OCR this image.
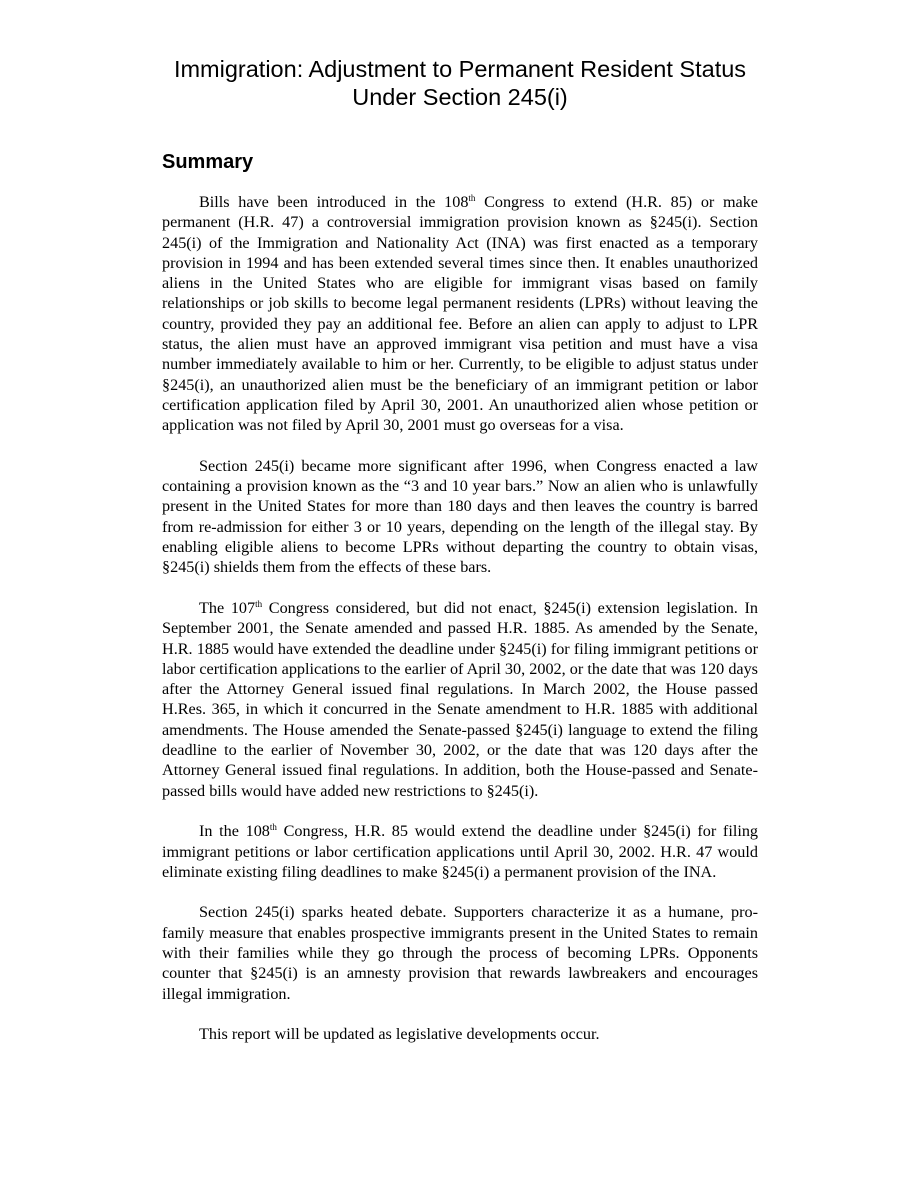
Immigration: Adjustment to Permanent Resident Status
Under Section 245(i)
Summary

Bills have been introduced in the 108th Congress to extend (H.R. 85) or make permanent (H.R. 47) a controversial immigration provision known as §245(i). Section 245(i) of the Immigration and Nationality Act (INA) was first enacted as a temporary provision in 1994 and has been extended several times since then. It enables unauthorized aliens in the United States who are eligible for immigrant visas based on family relationships or job skills to become legal permanent residents (LPRs) without leaving the country, provided they pay an additional fee. Before an alien can apply to adjust to LPR status, the alien must have an approved immigrant visa petition and must have a visa number immediately available to him or her. Currently, to be eligible to adjust status under §245(i), an unauthorized alien must be the beneficiary of an immigrant petition or labor certification application filed by April 30, 2001. An unauthorized alien whose petition or application was not filed by April 30, 2001 must go overseas for a visa.

Section 245(i) became more significant after 1996, when Congress enacted a law containing a provision known as the “3 and 10 year bars.” Now an alien who is unlawfully present in the United States for more than 180 days and then leaves the country is barred from re-admission for either 3 or 10 years, depending on the length of the illegal stay. By enabling eligible aliens to become LPRs without departing the country to obtain visas, §245(i) shields them from the effects of these bars.

The 107th Congress considered, but did not enact, §245(i) extension legislation. In September 2001, the Senate amended and passed H.R. 1885. As amended by the Senate, H.R. 1885 would have extended the deadline under §245(i) for filing immigrant petitions or labor certification applications to the earlier of April 30, 2002, or the date that was 120 days after the Attorney General issued final regulations. In March 2002, the House passed H.Res. 365, in which it concurred in the Senate amendment to H.R. 1885 with additional amendments. The House amended the Senate-passed §245(i) language to extend the filing deadline to the earlier of November 30, 2002, or the date that was 120 days after the Attorney General issued final regulations. In addition, both the House-passed and Senate-passed bills would have added new restrictions to §245(i).

In the 108th Congress, H.R. 85 would extend the deadline under §245(i) for filing immigrant petitions or labor certification applications until April 30, 2002. H.R. 47 would eliminate existing filing deadlines to make §245(i) a permanent provision of the INA.

Section 245(i) sparks heated debate. Supporters characterize it as a humane, pro-family measure that enables prospective immigrants present in the United States to remain with their families while they go through the process of becoming LPRs. Opponents counter that §245(i) is an amnesty provision that rewards lawbreakers and encourages illegal immigration.

This report will be updated as legislative developments occur.
